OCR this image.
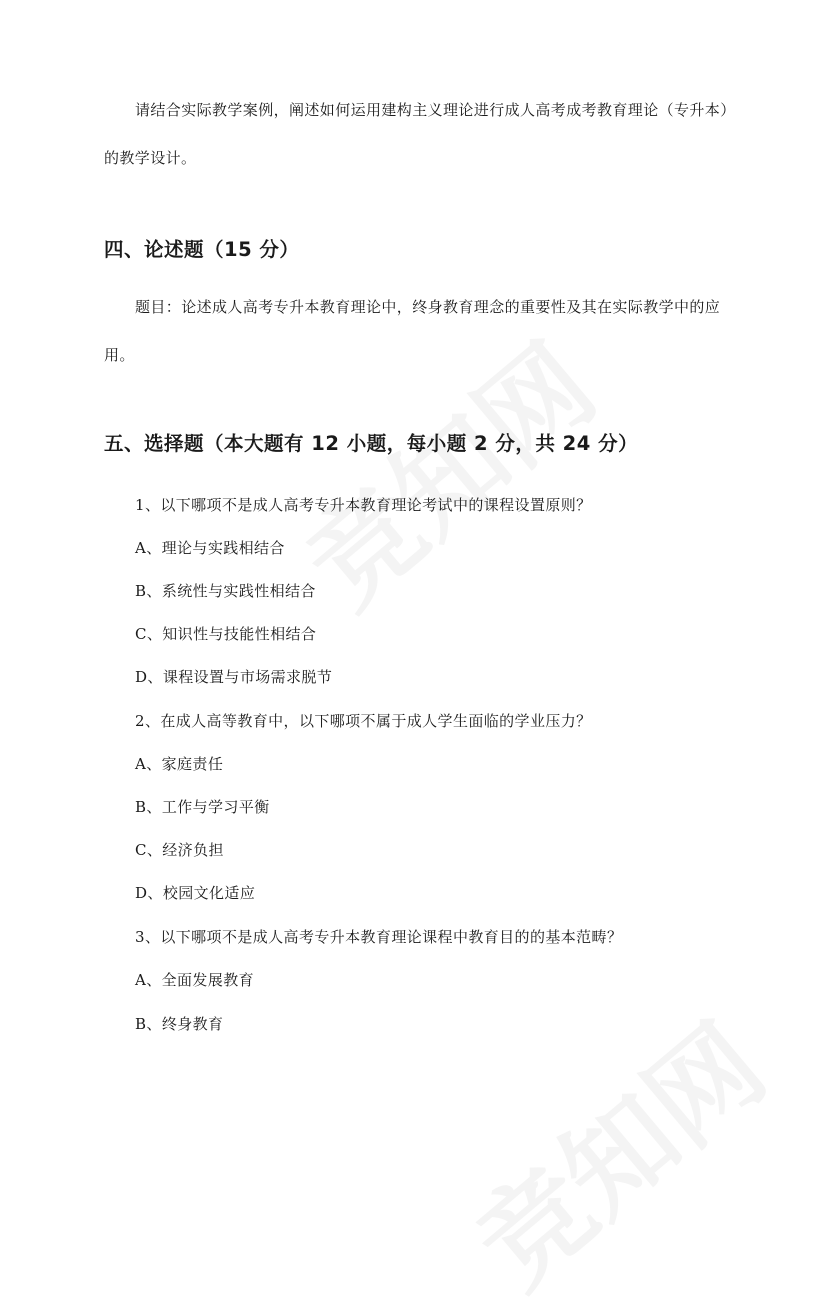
请结合实际教学案例，阐述如何运用建构主义理论进行成人高考成考教育理论（专升本）的教学设计。
四、论述题（15 分）
题目：论述成人高考专升本教育理论中，终身教育理念的重要性及其在实际教学中的应用。
五、选择题（本大题有 12 小题，每小题 2 分，共 24 分）
1、以下哪项不是成人高考专升本教育理论考试中的课程设置原则？
A、理论与实践相结合
B、系统性与实践性相结合
C、知识性与技能性相结合
D、课程设置与市场需求脱节
2、在成人高等教育中，以下哪项不属于成人学生面临的学业压力？
A、家庭责任
B、工作与学习平衡
C、经济负担
D、校园文化适应
3、以下哪项不是成人高考专升本教育理论课程中教育目的的基本范畴？
A、全面发展教育
B、终身教育
